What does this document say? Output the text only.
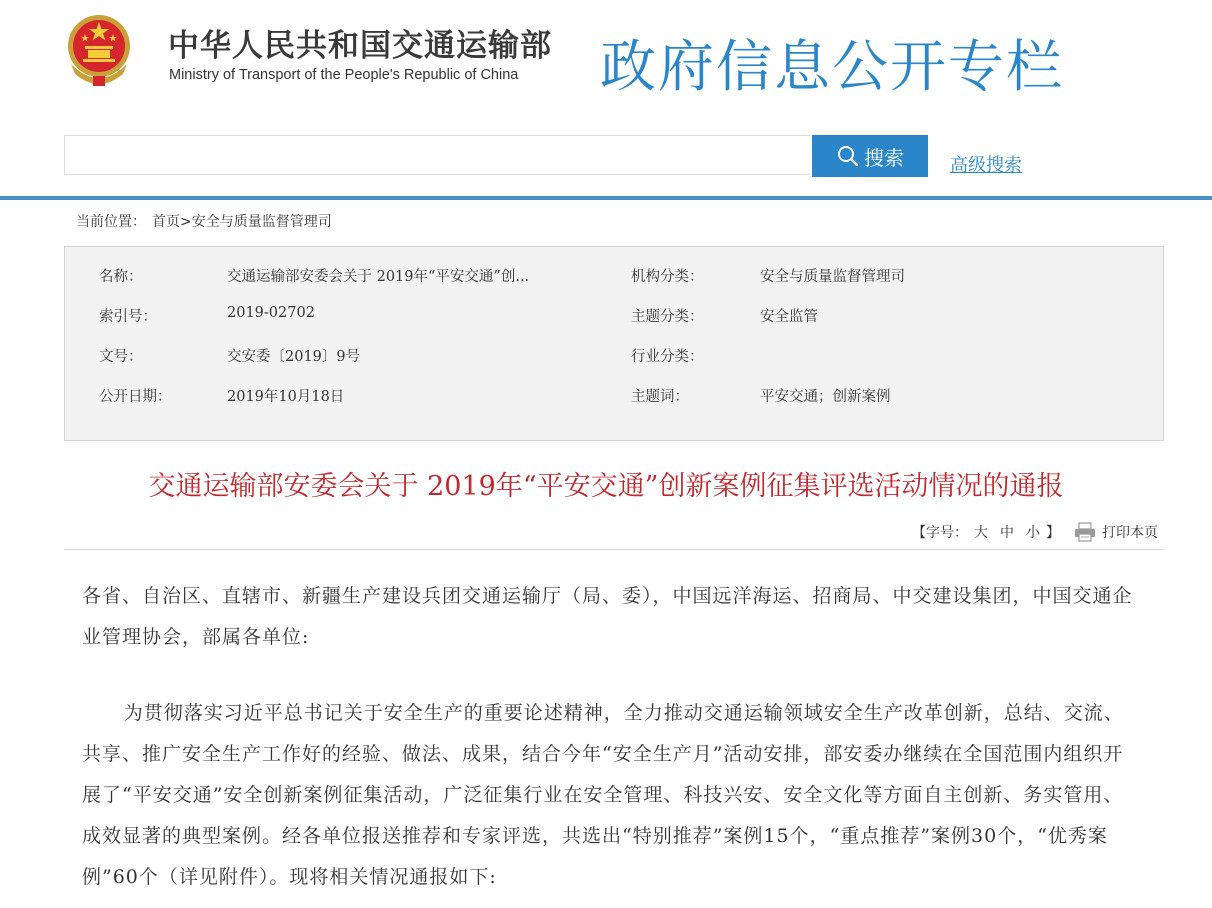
中华人民共和国交通运输部
Ministry of Transport of the People's Republic of China 政府信息公开专栏
搜索	高级搜索
当前位置： 首页>安全与质量监督管理司
名称：	交通运输部安委会关于 2019年“平安交通”创...	机构分类：	安全与质量监督管理司
索引号：	2019-02702	主题分类：	安全监管
文号：	交安委〔2019〕9号	行业分类：
公开日期：	2019年10月18日	主题词：	平安交通；创新案例
交通运输部安委会关于 2019年“平安交通”创新案例征集评选活动情况的通报
【字号： 大 中 小 】	打印本页

各省、自治区、直辖市、新疆生产建设兵团交通运输厅（局、委），中国远洋海运、招商局、中交建设集团，中国交通企业管理协会，部属各单位:

为贯彻落实习近平总书记关于安全生产的重要论述精神，全力推动交通运输领域安全生产改革创新，总结、交流、共享、推广安全生产工作好的经验、做法、成果，结合今年“安全生产月”活动安排，部安委办继续在全国范围内组织开展了“平安交通”安全创新案例征集活动，广泛征集行业在安全管理、科技兴安、安全文化等方面自主创新、务实管用、成效显著的典型案例。经各单位报送推荐和专家评选，共选出“特别推荐”案例15个，“重点推荐”案例30个，“优秀案例”60个（详见附件）。现将相关情况通报如下:
